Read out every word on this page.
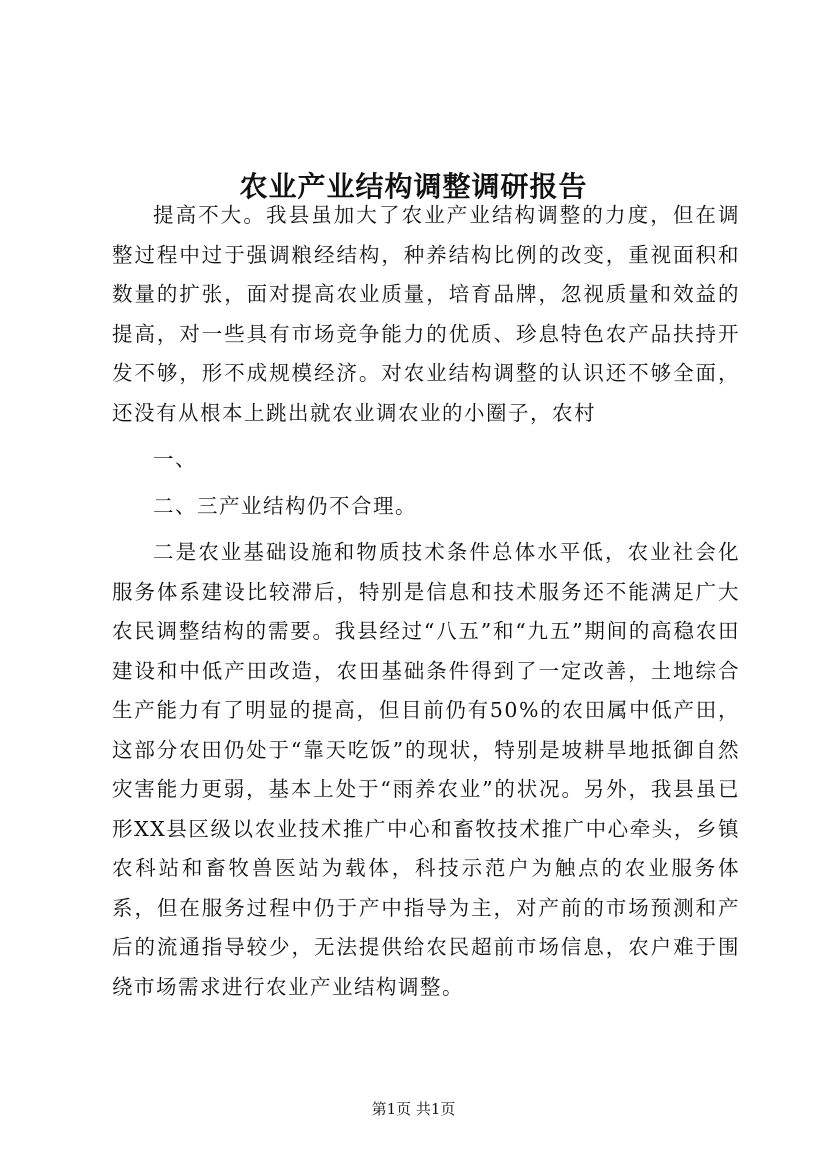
农业产业结构调整调研报告

提高不大。我县虽加大了农业产业结构调整的力度，但在调整过程中过于强调粮经结构，种养结构比例的改变，重视面积和数量的扩张，面对提高农业质量，培育品牌，忽视质量和效益的提高，对一些具有市场竞争能力的优质、珍息特色农产品扶持开发不够，形不成规模经济。对农业结构调整的认识还不够全面，还没有从根本上跳出就农业调农业的小圈子，农村

一、

二、三产业结构仍不合理。

二是农业基础设施和物质技术条件总体水平低，农业社会化服务体系建设比较滞后，特别是信息和技术服务还不能满足广大农民调整结构的需要。我县经过“八五”和“九五”期间的高稳农田建设和中低产田改造，农田基础条件得到了一定改善，土地综合生产能力有了明显的提高，但目前仍有50%的农田属中低产田，这部分农田仍处于“靠天吃饭”的现状，特别是坡耕旱地抵御自然灾害能力更弱，基本上处于“雨养农业”的状况。另外，我县虽已形XX县区级以农业技术推广中心和畜牧技术推广中心牵头，乡镇农科站和畜牧兽医站为载体，科技示范户为触点的农业服务体系，但在服务过程中仍于产中指导为主，对产前的市场预测和产后的流通指导较少，无法提供给农民超前市场信息，农户难于围绕市场需求进行农业产业结构调整。

第1页 共1页
